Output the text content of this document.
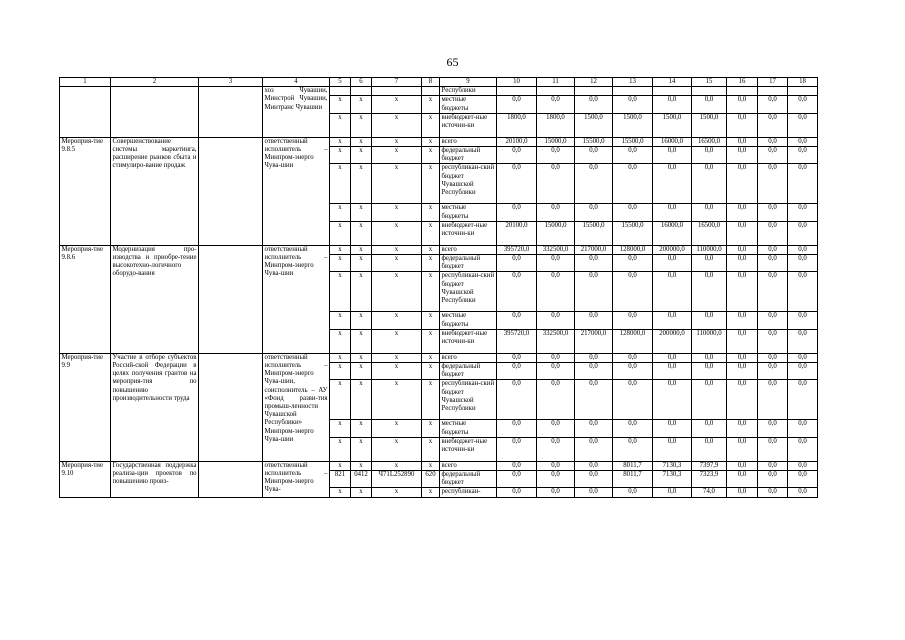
65
1	2	3	4	5	6	7	8	9	10	11	12	13	14	15	16	17	18
			хоз Чувашии, Минстрой Чувашии, Минтранс Чувашии					Республики									
				x	x	x	x	местные бюджеты	0,0	0,0	0,0	0,0	0,0	0,0	0,0	0,0	0,0
				x	x	x	x	внебюджет-ные источни-ки	1800,0	1800,0	1500,0	1500,0	1500,0	1500,0	0,0	0,0	0,0
Мероприя-тие 9.8.5	Совершенствование системы маркетинга, расширение рынков сбыта и стимулиро-вание продаж		ответственный исполнитель – Минпром-энерго Чува-шии	x	x	x	x	всего	20100,0	15000,0	15500,0	15500,0	16000,0	16500,0	0,0	0,0	0,0
				x	x	x	x	федеральный бюджет	0,0	0,0	0,0	0,0	0,0	0,0	0,0	0,0	0,0
				x	x	x	x	республикан-ский бюджет Чувашской Республики	0,0	0,0	0,0	0,0	0,0	0,0	0,0	0,0	0,0
				x	x	x	x	местные бюджеты	0,0	0,0	0,0	0,0	0,0	0,0	0,0	0,0	0,0
				x	x	x	x	внебюджет-ные источни-ки	20100,0	15000,0	15500,0	15500,0	16000,0	16500,0	0,0	0,0	0,0
Мероприя-тие 9.8.6	Модернизация про-изводства и приобре-тение высокотехно-логичного оборудо-вания		ответственный исполнитель – Минпром-энерго Чува-шии	x	x	x	x	всего	395720,0	332500,0	217000,0	128000,0	200000,0	110000,0	0,0	0,0	0,0
				x	x	x	x	федеральный бюджет	0,0	0,0	0,0	0,0	0,0	0,0	0,0	0,0	0,0
				x	x	x	x	республикан-ский бюджет Чувашской Республики	0,0	0,0	0,0	0,0	0,0	0,0	0,0	0,0	0,0
				x	x	x	x	местные бюджеты	0,0	0,0	0,0	0,0	0,0	0,0	0,0	0,0	0,0
				x	x	x	x	внебюджет-ные источни-ки	395720,0	332500,0	217000,0	128000,0	200000,0	110000,0	0,0	0,0	0,0
Мероприя-тие 9.9	Участие в отборе субъектов Россий-ской Федерации в целях получения грантов на мероприя-тия по повышению производительности труда		ответственный исполнитель – Минпром-энерго Чува-шии, соисполнитель – АУ «Фонд разви-тия промыш-ленности Чувашской Республики» Минпром-энерго Чува-шии	x	x	x	x	всего	0,0	0,0	0,0	0,0	0,0	0,0	0,0	0,0	0,0
				x	x	x	x	федеральный бюджет	0,0	0,0	0,0	0,0	0,0	0,0	0,0	0,0	0,0
				x	x	x	x	республикан-ский бюджет Чувашской Республики	0,0	0,0	0,0	0,0	0,0	0,0	0,0	0,0	0,0
				x	x	x	x	местные бюджеты	0,0	0,0	0,0	0,0	0,0	0,0	0,0	0,0	0,0
				x	x	x	x	внебюджет-ные источни-ки	0,0	0,0	0,0	0,0	0,0	0,0	0,0	0,0	0,0
Мероприя-тие 9.10	Государственная поддержка реализа-ции проектов по повышению произ-		ответственный исполнитель – Минпром-энерго Чува-	x	x	x	x	всего	0,0	0,0	0,0	8011,7	7130,3	7397,9	0,0	0,0	0,0
				821	0412	Ч71L252890	620	федеральный бюджет	0,0	0,0	0,0	8011,7	7130,3	7323,9	0,0	0,0	0,0
				x	x	x	x	республикан-	0,0	0,0	0,0	0,0	0,0	74,0	0,0	0,0	0,0
